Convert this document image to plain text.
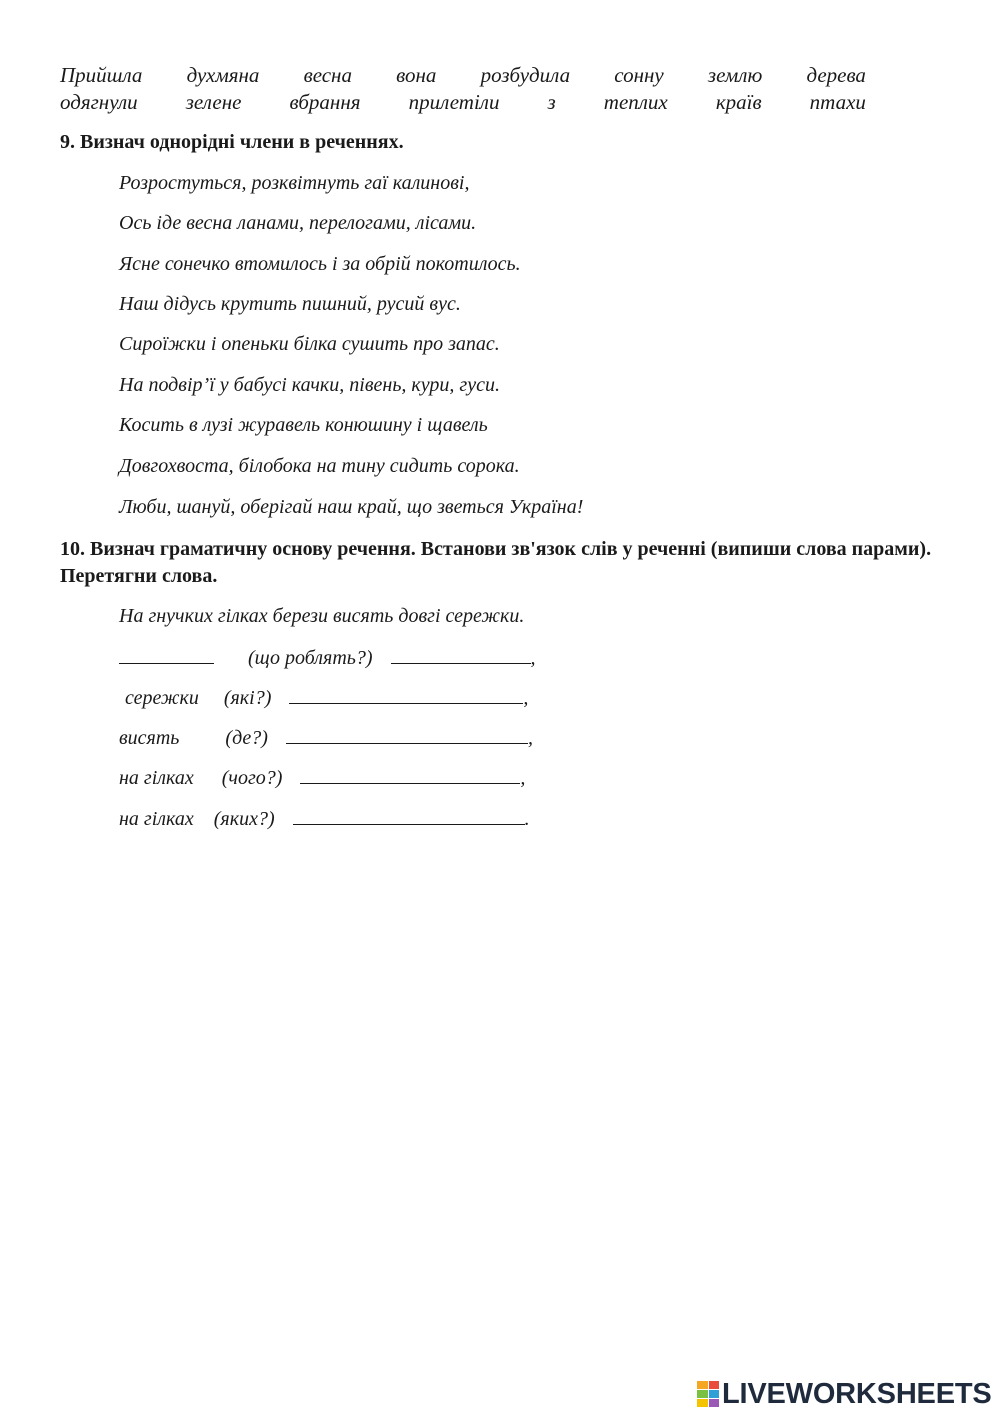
Прийшла духмяна весна вона розбудила сонну землю дерева
одягнули зелене вбрання прилетіли з теплих країв птахи
9. Визнач однорідні члени в реченнях.
Розростуться, розквітнуть гаї калинові,
Ось іде весна ланами, перелогами, лісами.
Ясне сонечко втомилось і за обрій покотилось.
Наш дідусь крутить пишний, русий вус.
Сироїжки і опеньки білка сушить про запас.
На подвір’ї у бабусі качки, півень, кури, гуси.
Косить в лузі журавель конюшину і щавель
Довгохвоста, білобока на тину сидить сорока.
Люби, шануй, оберігай наш край, що зветься Україна!
10. Визнач граматичну основу речення. Встанови зв'язок слів у реченні (випиши слова парами). Перетягни слова.
На гнучких гілках берези висять довгі сережки.
(що роблять?)	,
сережки (які?)	,
висять (де?)	,
на гілках (чого?)	,
на гілках (яких?)	.
LIVEWORKSHEETS
